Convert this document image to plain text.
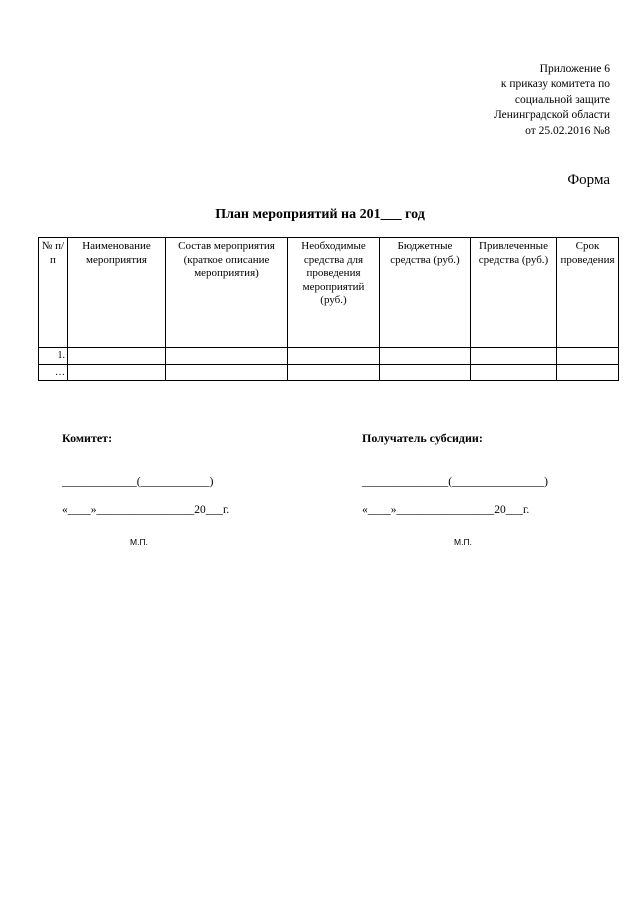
Приложение 6
к приказу комитета по
социальной защите
Ленинградской области
от 25.02.2016 №8
Форма
План мероприятий на 201___ год
№ п/п	Наименование мероприятия	Состав мероприятия (краткое описание мероприятия)	Необходимые средства для проведения мероприятий (руб.)	Бюджетные средства (руб.)	Привлеченные средства (руб.)	Срок проведения
1.						
…						
Комитет:	Получатель субсидии:
_____________(____________)	_______________(________________)
«____»_________________20___г.	«____»_________________20___г.
М.П.	М.П.
